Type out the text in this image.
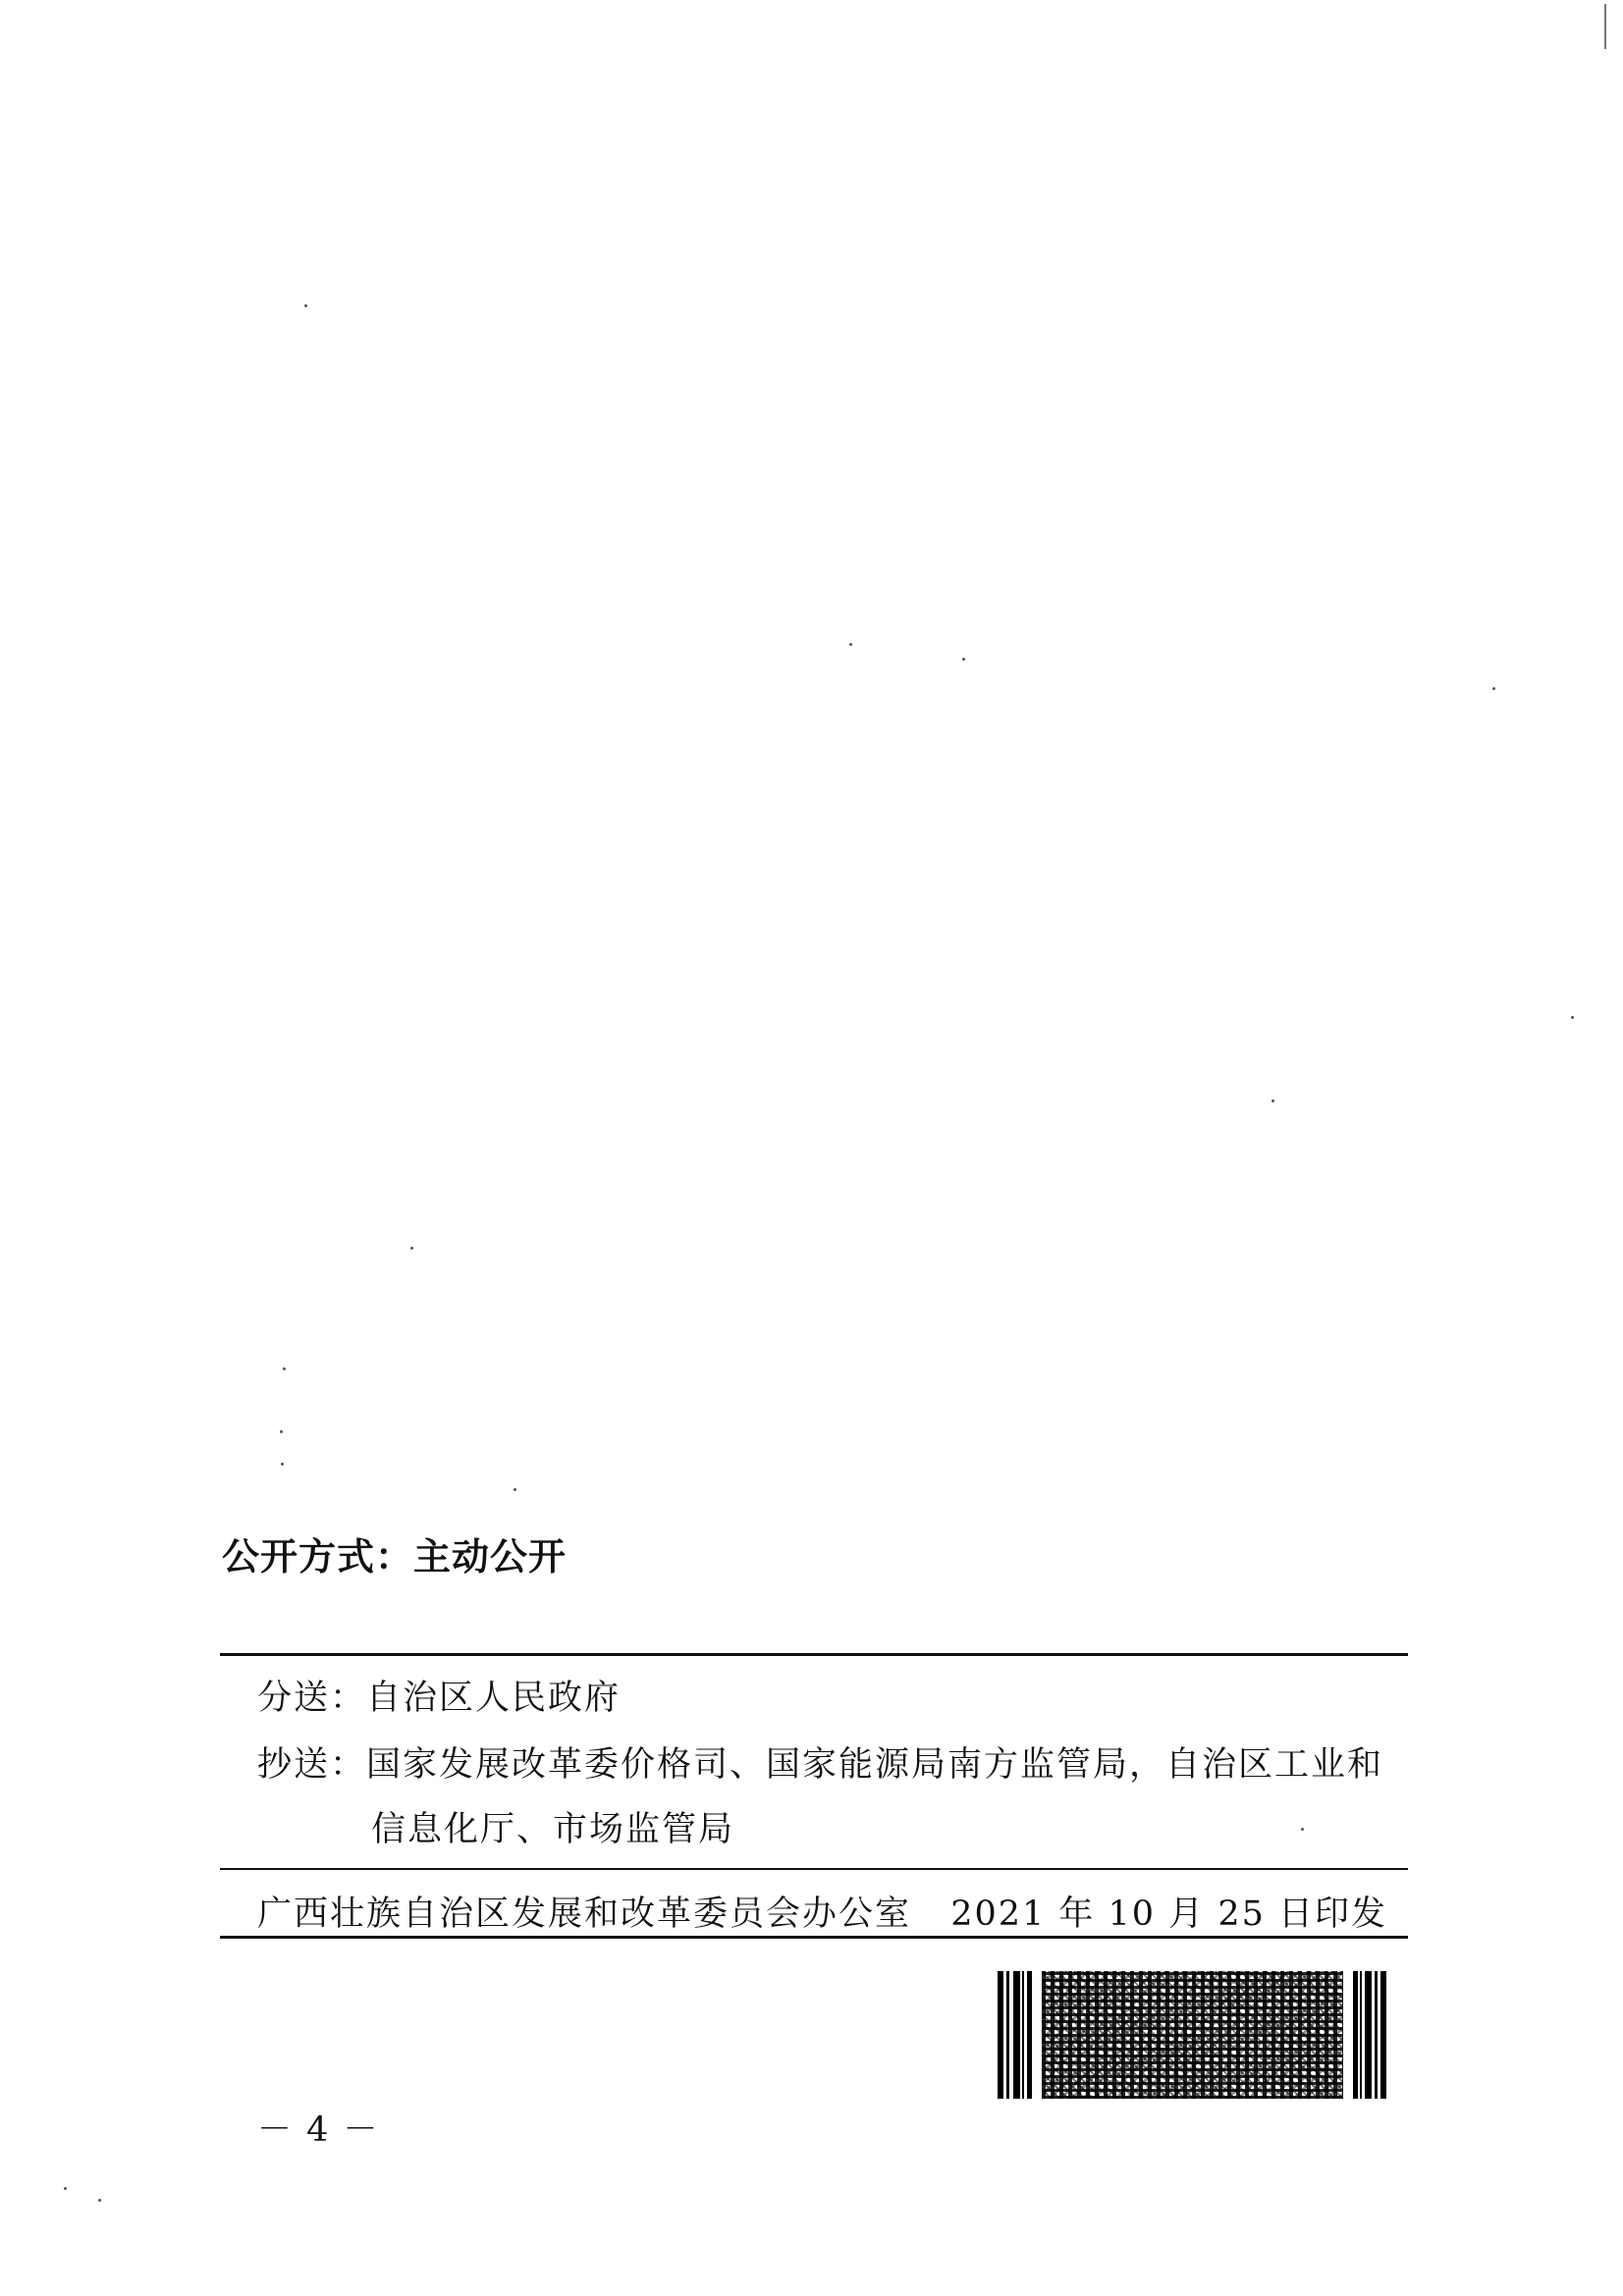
公开方式：主动公开
分送：自治区人民政府
抄送：国家发展改革委价格司、国家能源局南方监管局，自治区工业和
信息化厅、市场监管局
广西壮族自治区发展和改革委员会办公室 2021 年 10 月 25 日印发
－ 4 －
